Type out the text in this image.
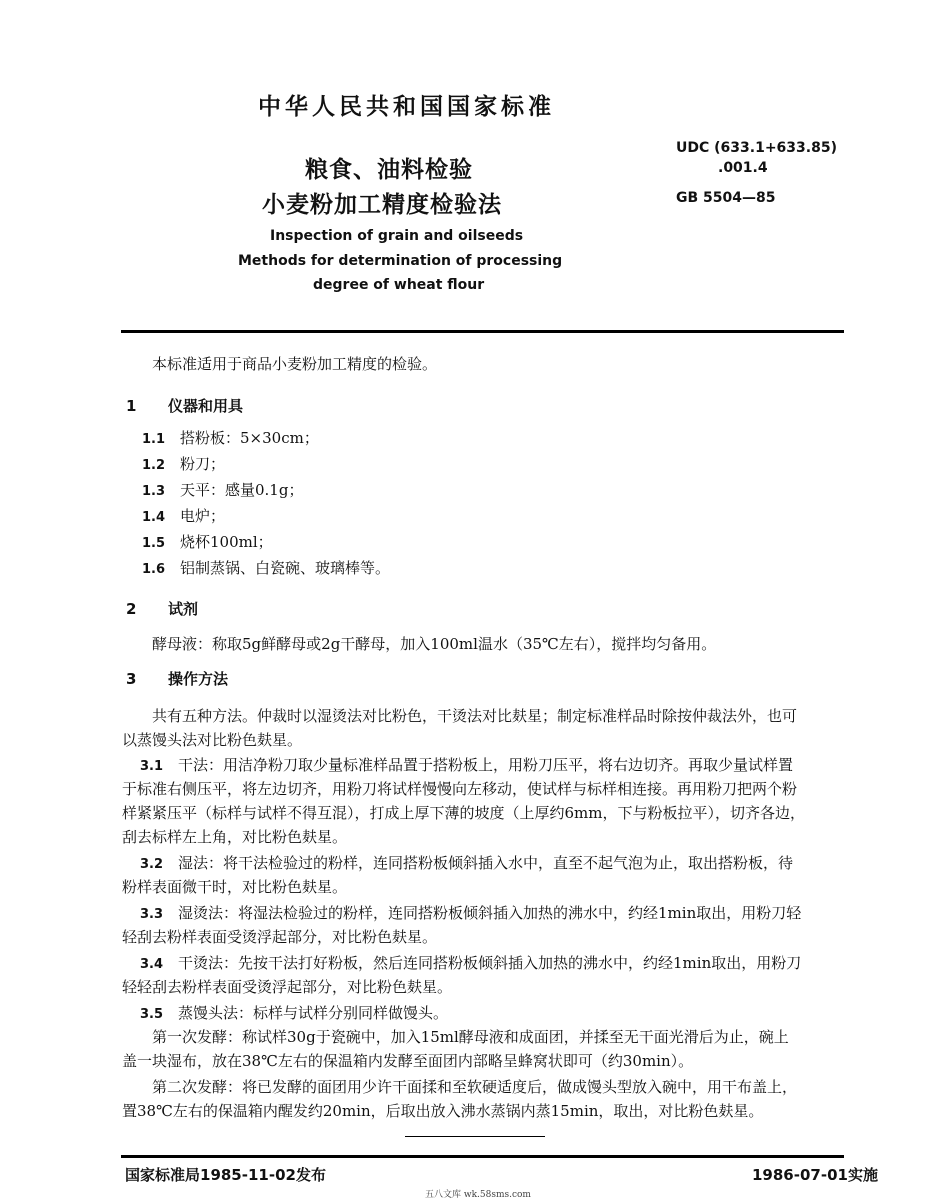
中华人民共和国国家标准
粮食、油料检验
小麦粉加工精度检验法
UDC (633.1+633.85)
.001.4
GB 5504—85
Inspection of grain and oilseeds
Methods for determination of processing
degree of wheat flour
本标准适用于商品小麦粉加工精度的检验。
1 仪器和用具
1.1 搭粉板：5×30cm；
1.2 粉刀；
1.3 天平：感量0.1g；
1.4 电炉；
1.5 烧杯100ml；
1.6 铝制蒸锅、白瓷碗、玻璃棒等。
2 试剂
酵母液：称取5g鲜酵母或2g干酵母，加入100ml温水（35℃左右），搅拌均匀备用。
3 操作方法
共有五种方法。仲裁时以湿烫法对比粉色，干烫法对比麸星；制定标准样品时除按仲裁法外，也可
以蒸馒头法对比粉色麸星。
3.1 干法：用洁净粉刀取少量标准样品置于搭粉板上，用粉刀压平，将右边切齐。再取少量试样置
于标准右侧压平，将左边切齐，用粉刀将试样慢慢向左移动，使试样与标样相连接。再用粉刀把两个粉
样紧紧压平（标样与试样不得互混），打成上厚下薄的坡度（上厚约6mm，下与粉板拉平），切齐各边，
刮去标样左上角，对比粉色麸星。
3.2 湿法：将干法检验过的粉样，连同搭粉板倾斜插入水中，直至不起气泡为止，取出搭粉板，待
粉样表面微干时，对比粉色麸星。
3.3 湿烫法：将湿法检验过的粉样，连同搭粉板倾斜插入加热的沸水中，约经1min取出，用粉刀轻
轻刮去粉样表面受烫浮起部分，对比粉色麸星。
3.4 干烫法：先按干法打好粉板，然后连同搭粉板倾斜插入加热的沸水中，约经1min取出，用粉刀
轻轻刮去粉样表面受烫浮起部分，对比粉色麸星。
3.5 蒸馒头法：标样与试样分别同样做馒头。
第一次发酵：称试样30g于瓷碗中，加入15ml酵母液和成面团，并揉至无干面光滑后为止，碗上
盖一块湿布，放在38℃左右的保温箱内发酵至面团内部略呈蜂窝状即可（约30min）。
第二次发酵：将已发酵的面团用少许干面揉和至软硬适度后，做成馒头型放入碗中，用干布盖上，
置38℃左右的保温箱内醒发约20min，后取出放入沸水蒸锅内蒸15min，取出，对比粉色麸星。
国家标准局1985-11-02发布	1986-07-01实施
五八文库 wk.58sms.com
